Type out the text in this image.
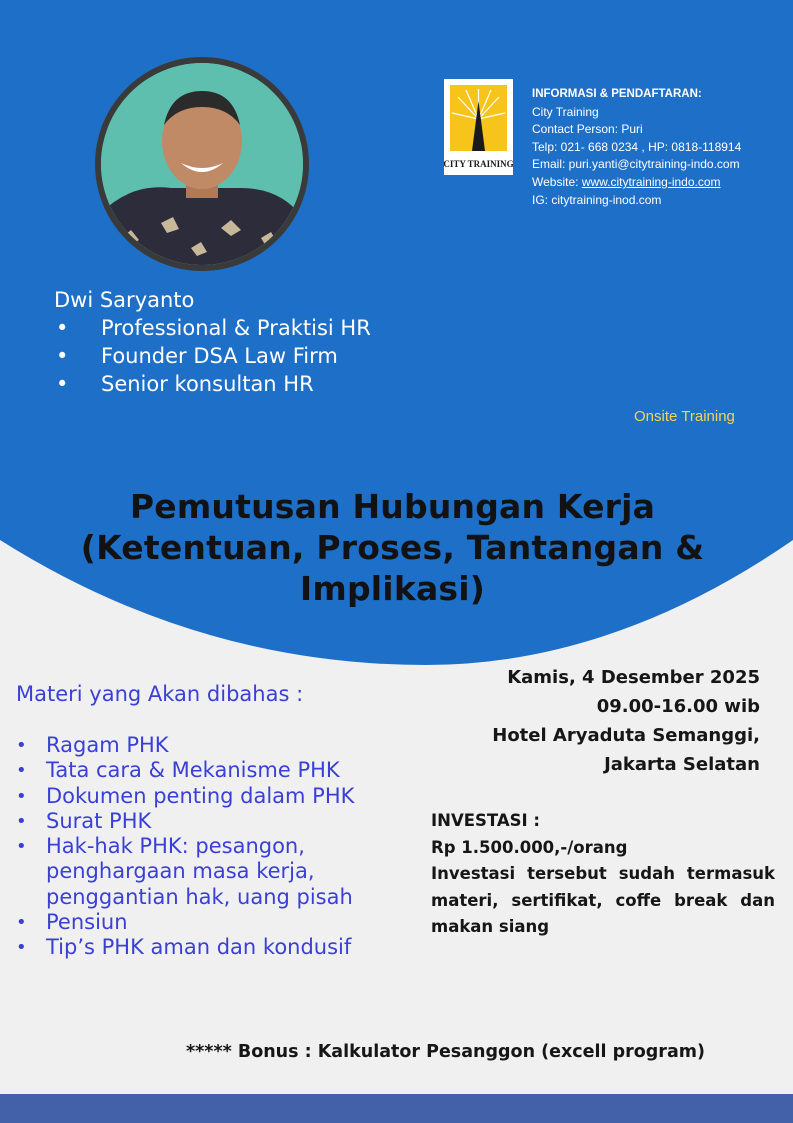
CITY TRAINING
INFORMASI & PENDAFTARAN:
City Training
Contact Person: Puri
Telp: 021- 668 0234 , HP: 0818-118914
Email: puri.yanti@citytraining-indo.com
Website: www.citytraining-indo.com
IG: citytraining-inod.com
Dwi Saryanto
• Professional & Praktisi HR
• Founder DSA Law Firm
• Senior konsultan HR
Onsite Training
Pemutusan Hubungan Kerja
(Ketentuan, Proses, Tantangan &
Implikasi)
Materi yang Akan dibahas :
• Ragam PHK
• Tata cara & Mekanisme PHK
• Dokumen penting dalam PHK
• Surat PHK
• Hak-hak PHK: pesangon, penghargaan masa kerja, penggantian hak, uang pisah
• Pensiun
• Tip’s PHK aman dan kondusif
Kamis, 4 Desember 2025
09.00-16.00 wib
Hotel Aryaduta Semanggi,
Jakarta Selatan
INVESTASI :
Rp 1.500.000,-/orang
Investasi tersebut sudah termasuk materi, sertifikat, coffe break dan makan siang
***** Bonus : Kalkulator Pesanggon (excell program)
